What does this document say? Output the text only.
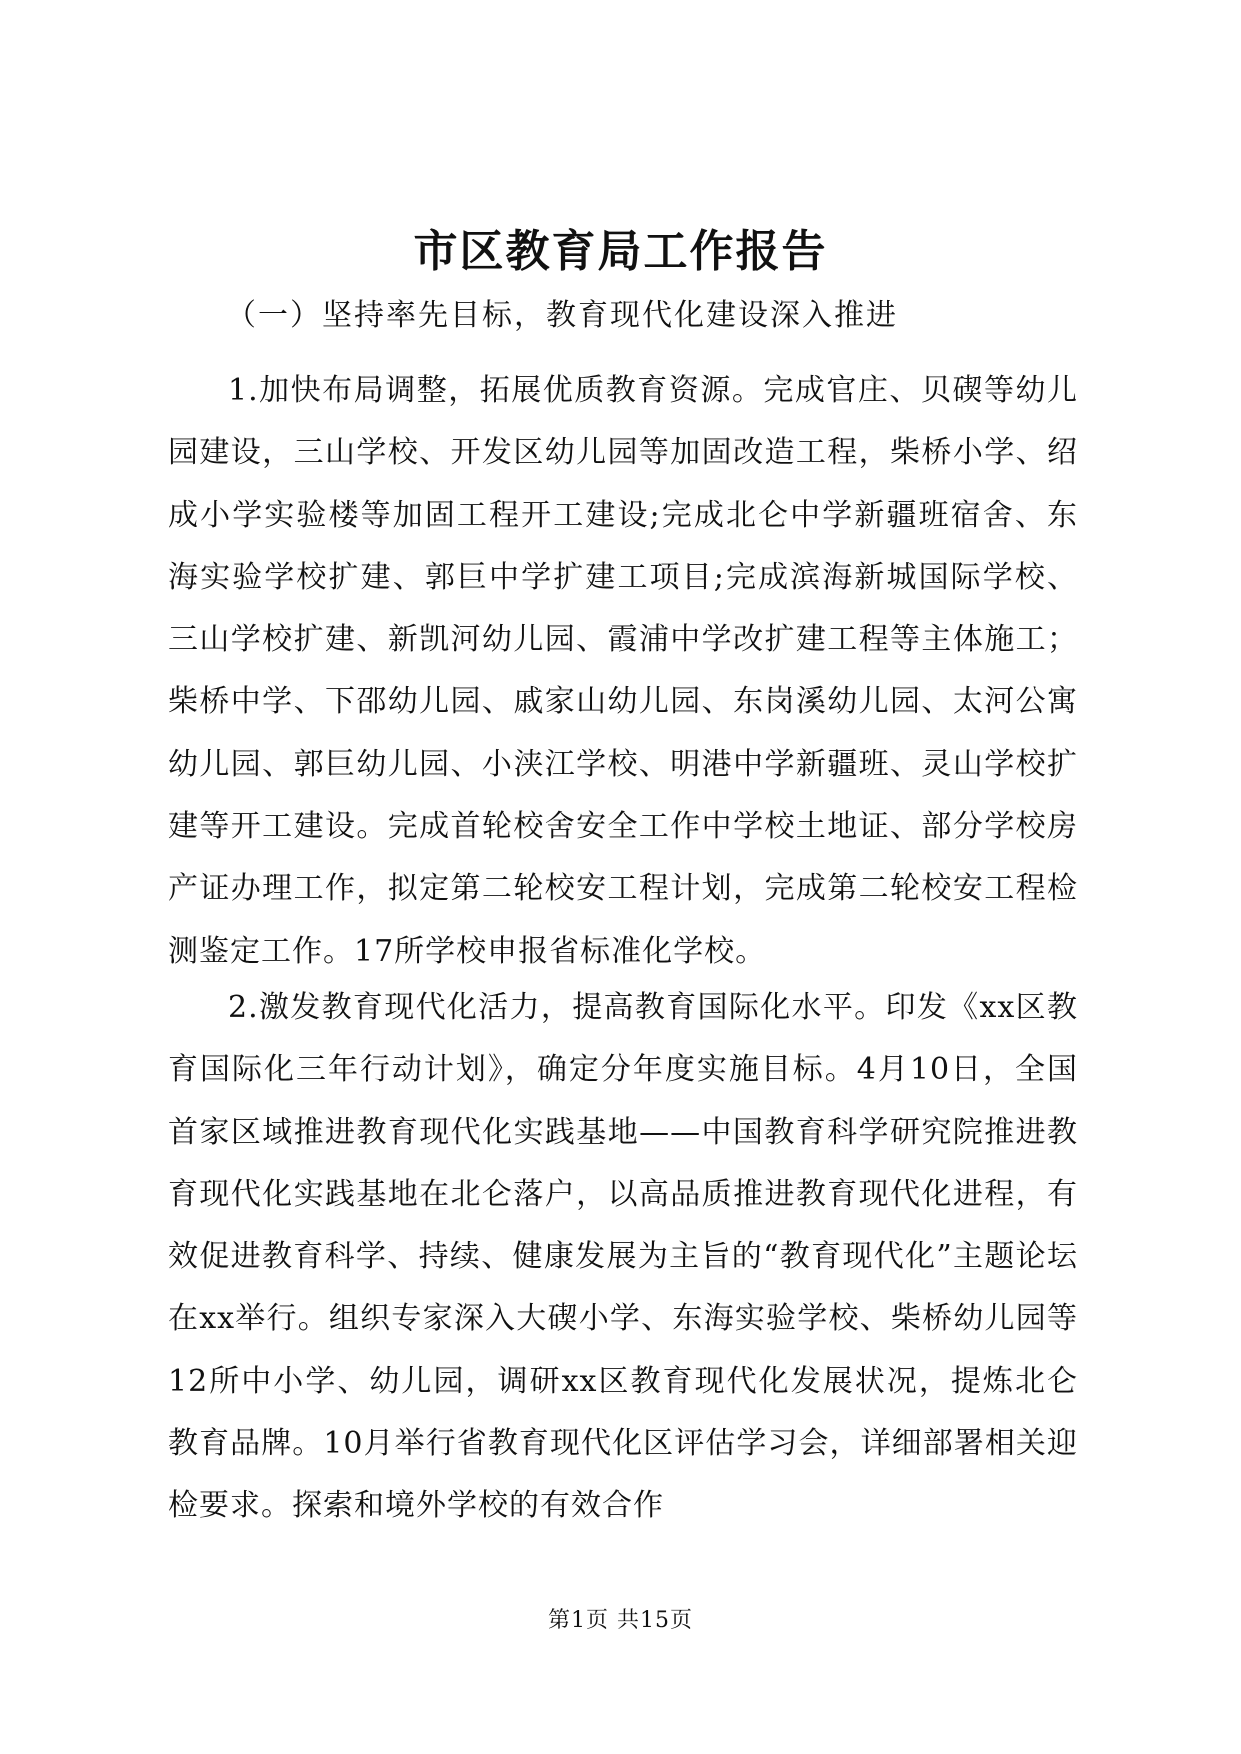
市区教育局工作报告
（一）坚持率先目标，教育现代化建设深入推进

1.加快布局调整，拓展优质教育资源。完成官庄、贝碶等幼儿园建设，三山学校、开发区幼儿园等加固改造工程，柴桥小学、绍成小学实验楼等加固工程开工建设;完成北仑中学新疆班宿舍、东海实验学校扩建、郭巨中学扩建工项目;完成滨海新城国际学校、三山学校扩建、新凯河幼儿园、霞浦中学改扩建工程等主体施工；柴桥中学、下邵幼儿园、戚家山幼儿园、东岗溪幼儿园、太河公寓幼儿园、郭巨幼儿园、小浃江学校、明港中学新疆班、灵山学校扩建等开工建设。完成首轮校舍安全工作中学校土地证、部分学校房产证办理工作，拟定第二轮校安工程计划，完成第二轮校安工程检测鉴定工作。17所学校申报省标准化学校。

2.激发教育现代化活力，提高教育国际化水平。印发《xx区教育国际化三年行动计划》，确定分年度实施目标。4月10日，全国首家区域推进教育现代化实践基地——中国教育科学研究院推进教育现代化实践基地在北仑落户，以高品质推进教育现代化进程，有效促进教育科学、持续、健康发展为主旨的“教育现代化”主题论坛在xx举行。组织专家深入大碶小学、东海实验学校、柴桥幼儿园等12所中小学、幼儿园，调研xx区教育现代化发展状况，提炼北仑教育品牌。10月举行省教育现代化区评估学习会，详细部署相关迎检要求。探索和境外学校的有效合作

第1页 共15页
